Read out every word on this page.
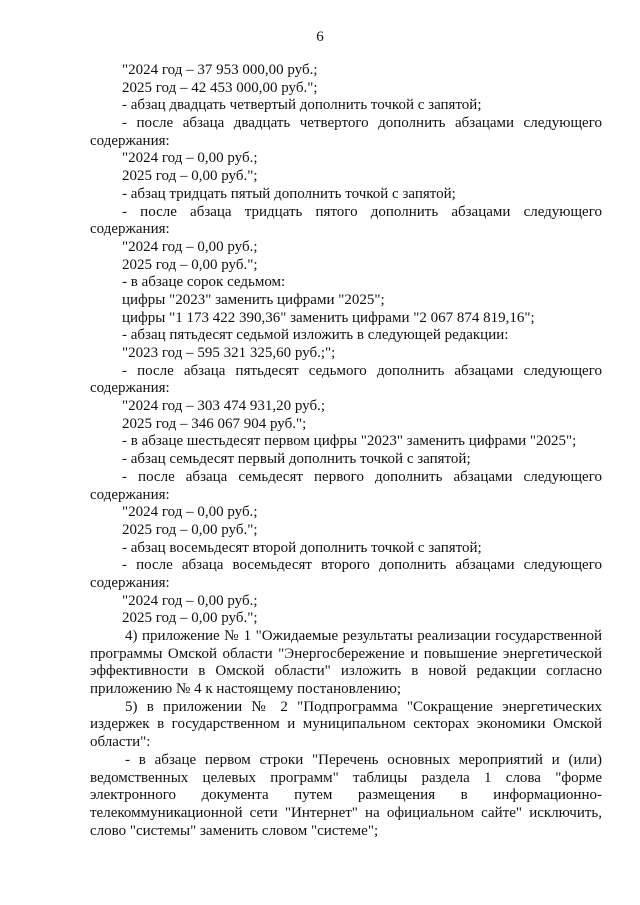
6
"2024 год – 37 953 000,00 руб.;
2025 год – 42 453 000,00 руб.";
- абзац двадцать четвертый дополнить точкой с запятой;
- после абзаца двадцать четвертого дополнить абзацами следующего
содержания:
"2024 год – 0,00 руб.;
2025 год – 0,00 руб.";
- абзац тридцать пятый дополнить точкой с запятой;
- после абзаца тридцать пятого дополнить абзацами следующего
содержания:
"2024 год – 0,00 руб.;
2025 год – 0,00 руб.";
- в абзаце сорок седьмом:
цифры "2023" заменить цифрами "2025";
цифры "1 173 422 390,36" заменить цифрами "2 067 874 819,16";
- абзац пятьдесят седьмой изложить в следующей редакции:
"2023 год – 595 321 325,60 руб.;";
- после абзаца пятьдесят седьмого дополнить абзацами следующего
содержания:
"2024 год – 303 474 931,20 руб.;
2025 год – 346 067 904 руб.";
- в абзаце шестьдесят первом цифры "2023" заменить цифрами "2025";
- абзац семьдесят первый дополнить точкой с запятой;
- после абзаца семьдесят первого дополнить абзацами следующего
содержания:
"2024 год – 0,00 руб.;
2025 год – 0,00 руб.";
- абзац восемьдесят второй дополнить точкой с запятой;
- после абзаца восемьдесят второго дополнить абзацами следующего
содержания:
"2024 год – 0,00 руб.;
2025 год – 0,00 руб.";
4) приложение № 1 "Ожидаемые результаты реализации государственной
программы Омской области "Энергосбережение и повышение энергетической
эффективности в Омской области" изложить в новой редакции согласно
приложению № 4 к настоящему постановлению;
5) в приложении № 2 "Подпрограмма "Сокращение энергетических
издержек в государственном и муниципальном секторах экономики Омской
области":
- в абзаце первом строки "Перечень основных мероприятий и (или)
ведомственных целевых программ" таблицы раздела 1 слова "форме
электронного документа путем размещения в информационно-
телекоммуникационной сети "Интернет" на официальном сайте" исключить,
слово "системы" заменить словом "системе";
